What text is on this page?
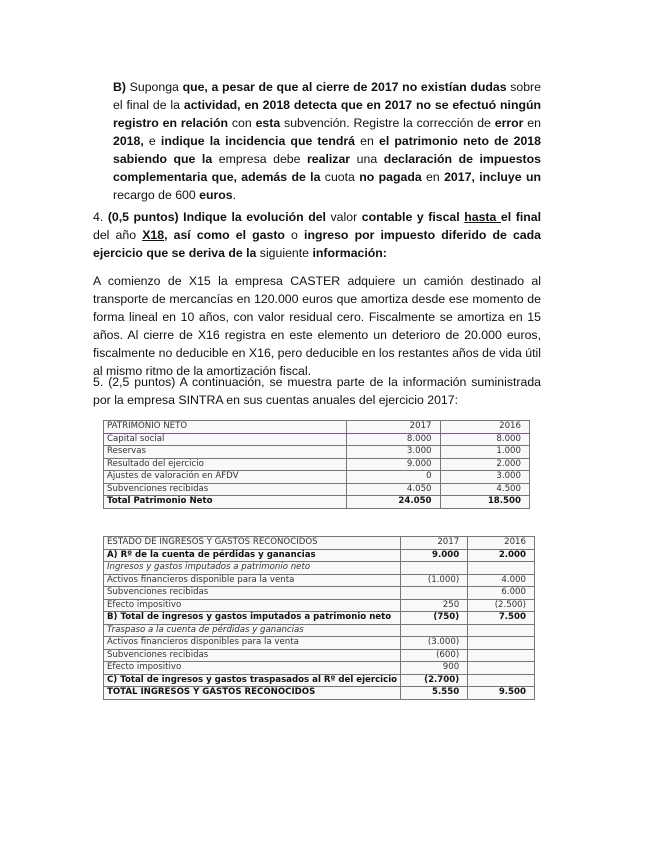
B) Suponga que, a pesar de que al cierre de 2017 no existían dudas sobre el final de la actividad, en 2018 detecta que en 2017 no se efectuó ningún registro en relación con esta subvención. Registre la corrección de error en 2018, e indique la incidencia que tendrá en el patrimonio neto de 2018 sabiendo que la empresa debe realizar una declaración de impuestos complementaria que, además de la cuota no pagada en 2017, incluye un recargo de 600 euros.
4. (0,5 puntos) Indique la evolución del valor contable y fiscal hasta el final del año X18, así como el gasto o ingreso por impuesto diferido de cada ejercicio que se deriva de la siguiente información:
A comienzo de X15 la empresa CASTER adquiere un camión destinado al transporte de mercancías en 120.000 euros que amortiza desde ese momento de forma lineal en 10 años, con valor residual cero. Fiscalmente se amortiza en 15 años. Al cierre de X16 registra en este elemento un deterioro de 20.000 euros, fiscalmente no deducible en X16, pero deducible en los restantes años de vida útil al mismo ritmo de la amortización fiscal.
5. (2,5 puntos) A continuación, se muestra parte de la información suministrada por la empresa SINTRA en sus cuentas anuales del ejercicio 2017:
PATRIMONIO NETO	2017	2016
Capital social	8.000	8.000
Reservas	3.000	1.000
Resultado del ejercicio	9.000	2.000
Ajustes de valoración en AFDV	0	3.000
Subvenciones recibidas	4.050	4.500
Total Patrimonio Neto	24.050	18.500
ESTADO DE INGRESOS Y GASTOS RECONOCIDOS	2017	2016
A) Rº de la cuenta de pérdidas y ganancias	9.000	2.000
Ingresos y gastos imputados a patrimonio neto		
Activos financieros disponible para la venta	(1.000)	4.000
Subvenciones recibidas		6.000
Efecto impositivo	250	(2.500)
B) Total de ingresos y gastos imputados a patrimonio neto	(750)	7.500
Traspaso a la cuenta de pérdidas y ganancias		
Activos financieros disponibles para la venta	(3.000)	
Subvenciones recibidas	(600)	
Efecto impositivo	900	
C) Total de ingresos y gastos traspasados al Rº del ejercicio	(2.700)	
TOTAL INGRESOS Y GASTOS RECONOCIDOS	5.550	9.500
